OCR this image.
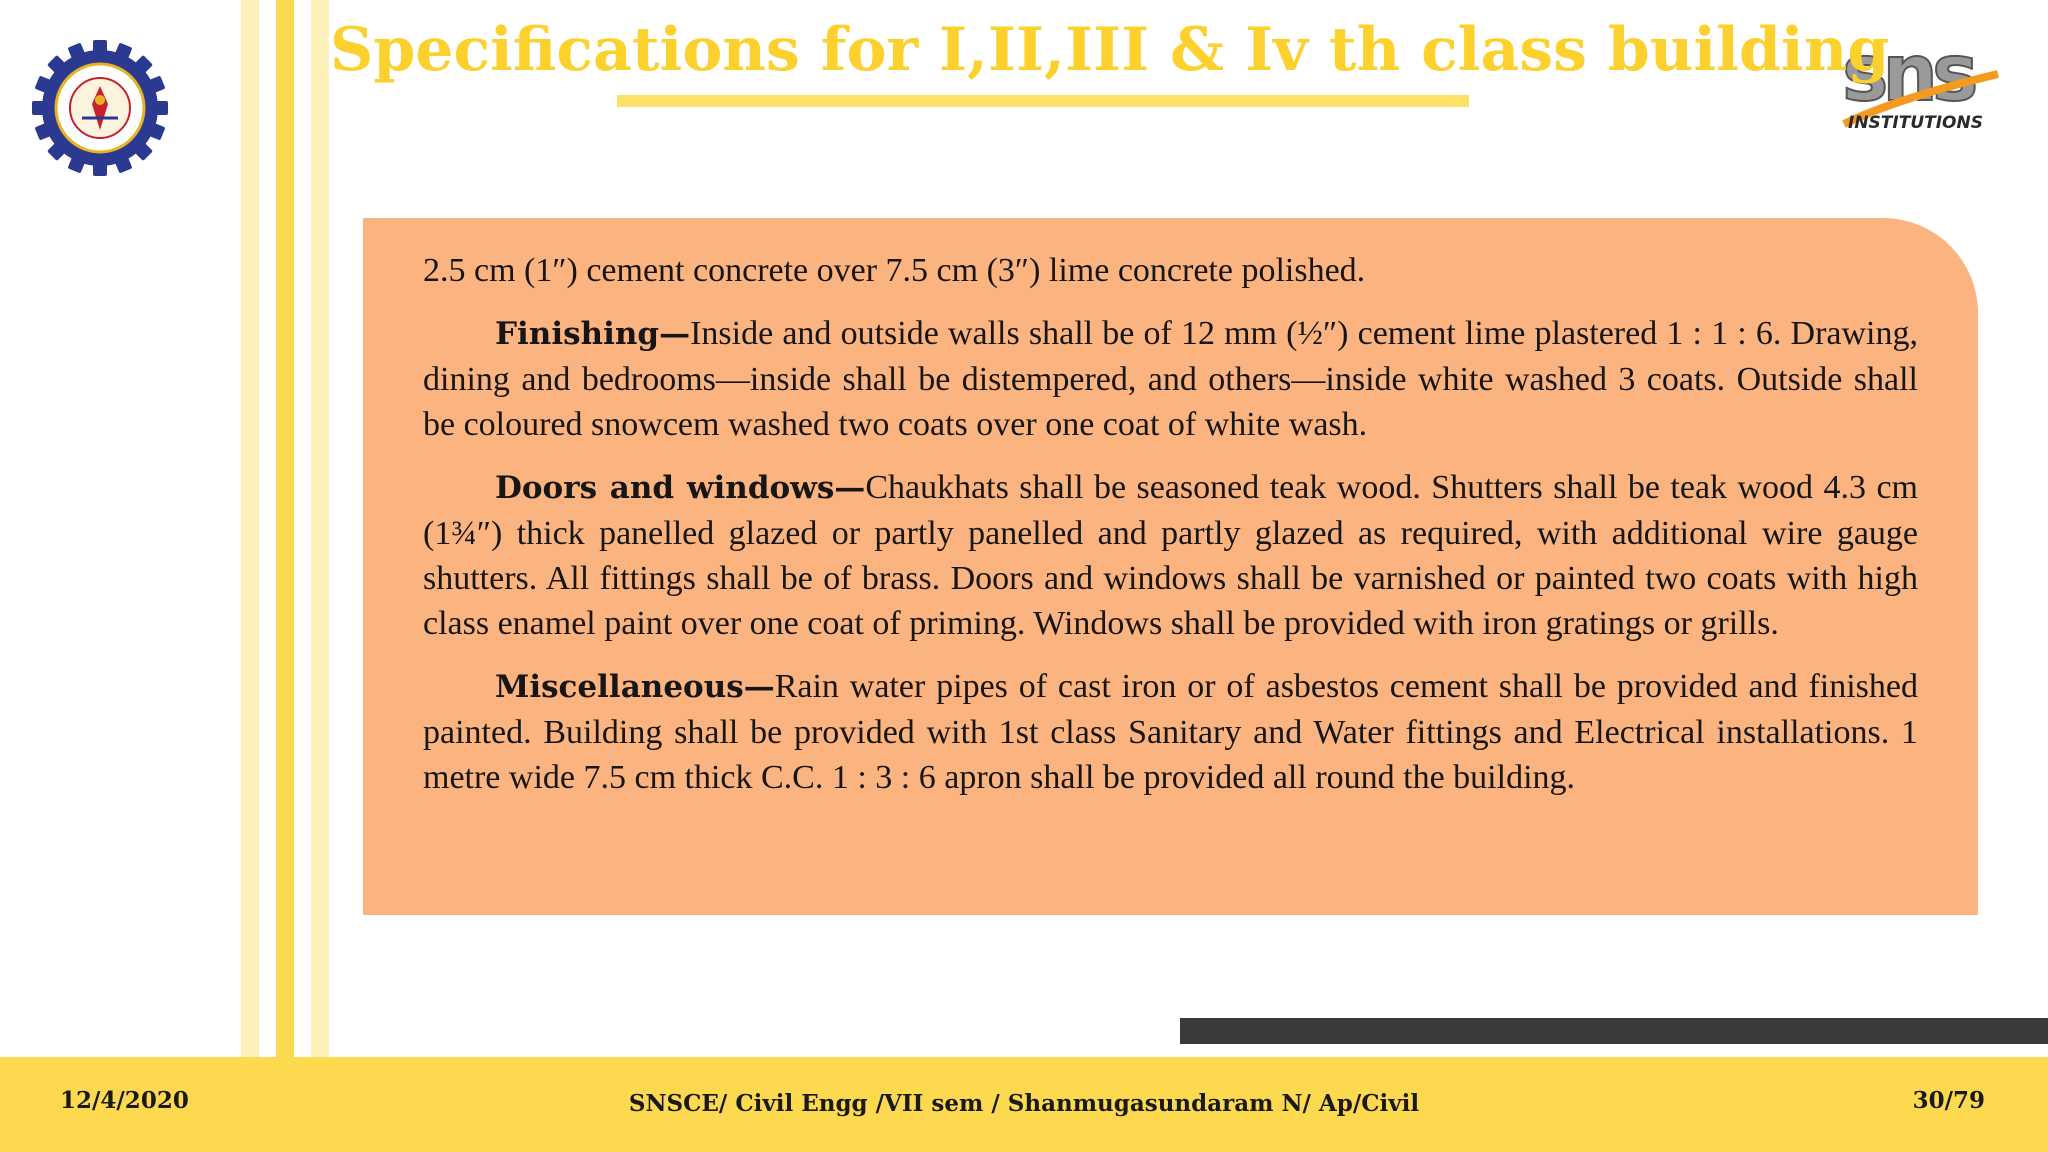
sns
INSTITUTIONS
Specifications for I,II,III & Iv th class building

2.5 cm (1″) cement concrete over 7.5 cm (3″) lime concrete polished.

Finishing—Inside and outside walls shall be of 12 mm (½″) cement lime plastered 1 : 1 : 6. Drawing, dining and bedrooms—inside shall be distempered, and others—inside white washed 3 coats. Outside shall be coloured snowcem washed two coats over one coat of white wash.

Doors and windows—Chaukhats shall be seasoned teak wood. Shutters shall be teak wood 4.3 cm (1¾″) thick panelled glazed or partly panelled and partly glazed as required, with additional wire gauge shutters. All fittings shall be of brass. Doors and windows shall be varnished or painted two coats with high class enamel paint over one coat of priming. Windows shall be provided with iron gratings or grills.

Miscellaneous—Rain water pipes of cast iron or of asbestos cement shall be provided and finished painted. Building shall be provided with 1st class Sanitary and Water fittings and Electrical installations. 1 metre wide 7.5 cm thick C.C. 1 : 3 : 6 apron shall be provided all round the building.

12/4/2020	SNSCE/ Civil Engg /VII sem / Shanmugasundaram N/ Ap/Civil	30/79
